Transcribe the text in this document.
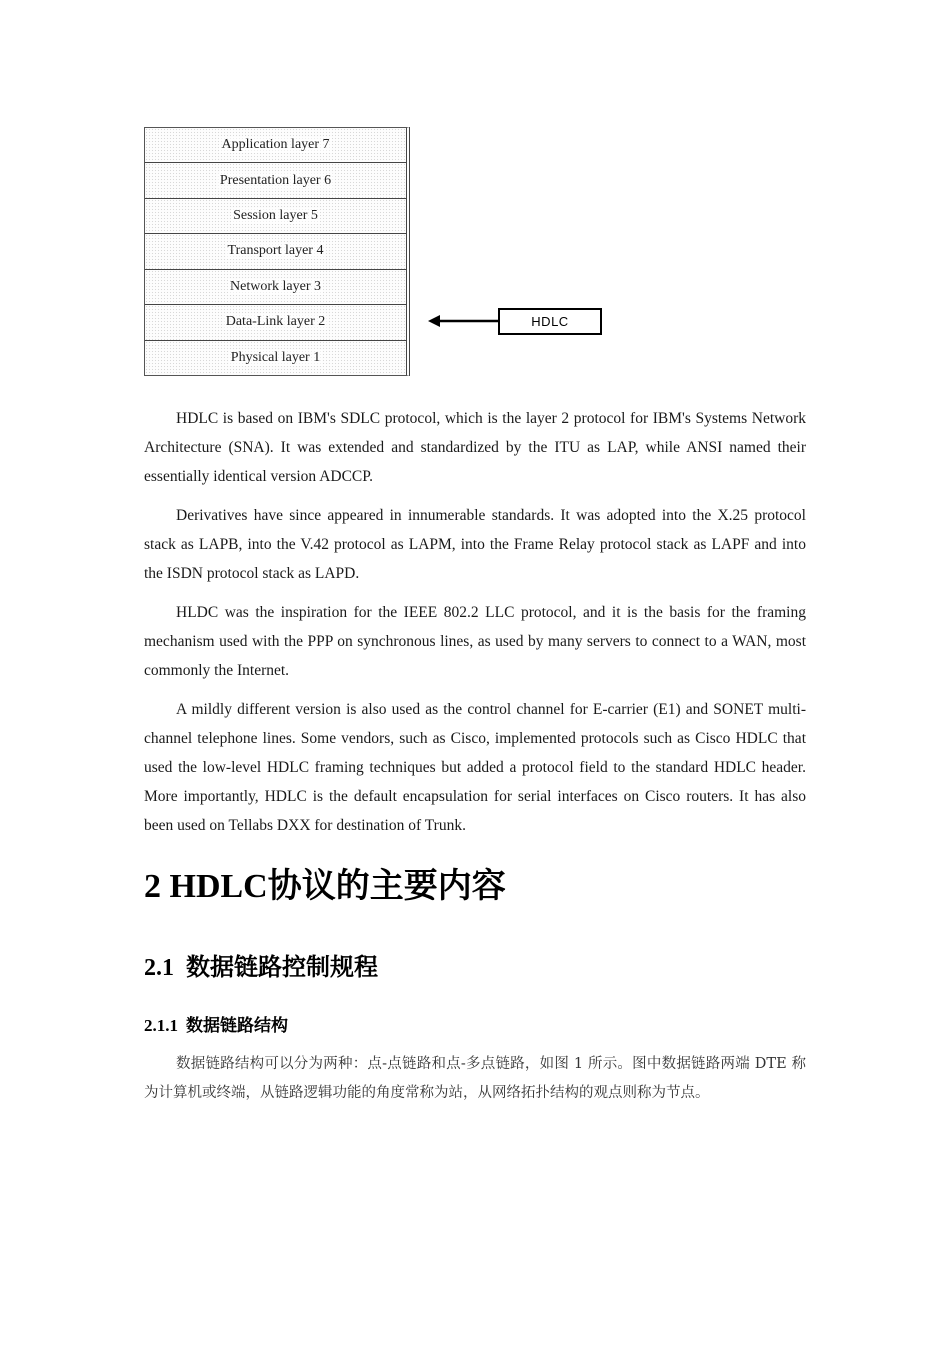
Application layer 7
Presentation layer 6
Session layer 5
Transport layer 4
Network layer 3
Data-Link layer 2
Physical layer 1
HDLC

HDLC is based on IBM's SDLC protocol, which is the layer 2 protocol for IBM's Systems Network Architecture (SNA). It was extended and standardized by the ITU as LAP, while ANSI named their essentially identical version ADCCP.

Derivatives have since appeared in innumerable standards. It was adopted into the X.25 protocol stack as LAPB, into the V.42 protocol as LAPM, into the Frame Relay protocol stack as LAPF and into the ISDN protocol stack as LAPD.

HLDC was the inspiration for the IEEE 802.2 LLC protocol, and it is the basis for the framing mechanism used with the PPP on synchronous lines, as used by many servers to connect to a WAN, most commonly the Internet.

A mildly different version is also used as the control channel for E-carrier (E1) and SONET multi-channel telephone lines. Some vendors, such as Cisco, implemented protocols such as Cisco HDLC that used the low-level HDLC framing techniques but added a protocol field to the standard HDLC header. More importantly, HDLC is the default encapsulation for serial interfaces on Cisco routers. It has also been used on Tellabs DXX for destination of Trunk.

2 HDLC协议的主要内容
2.1 数据链路控制规程
2.1.1 数据链路结构

数据链路结构可以分为两种：点-点链路和点-多点链路，如图 1 所示。图中数据链路两端 DTE 称为计算机或终端，从链路逻辑功能的角度常称为站，从网络拓扑结构的观点则称为节点。
